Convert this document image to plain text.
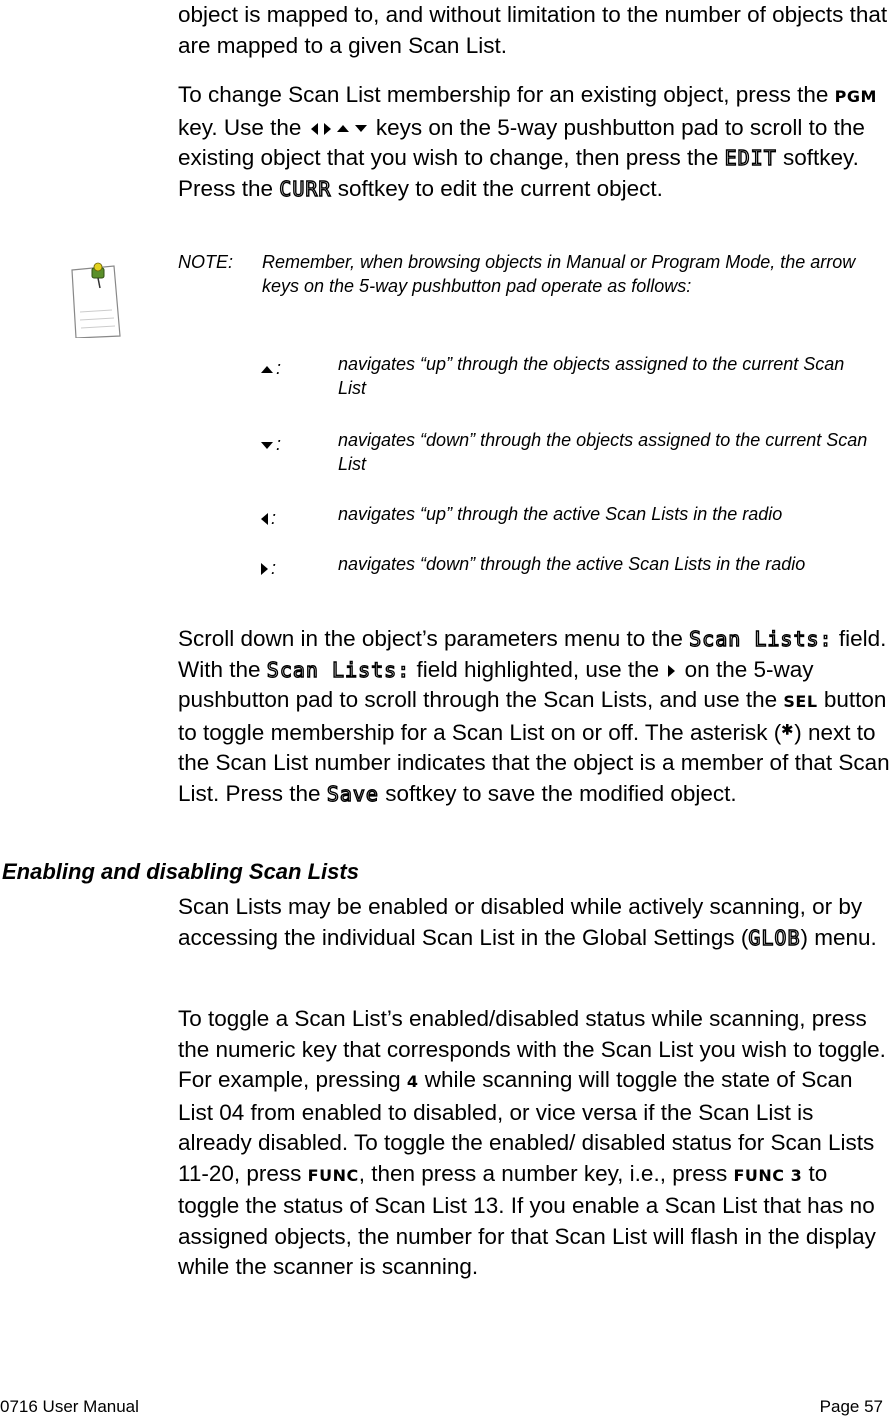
object is mapped to, and without limitation to the number of objects that are mapped to a given Scan List.

To change Scan List membership for an existing object, press the PGM key. Use the	keys on the 5-way pushbutton pad to scroll to the existing object that you wish to change, then press the EDIT softkey. Press the CURR softkey to edit the current object.

NOTE: Remember, when browsing objects in Manual or Program Mode, the arrow keys on the 5-way pushbutton pad operate as follows:

:	navigates “up” through the objects assigned to the current Scan List

:	navigates “down” through the objects assigned to the current Scan List

:	navigates “up” through the active Scan Lists in the radio

:	navigates “down” through the active Scan Lists in the radio

Scroll down in the object’s parameters menu to the Scan Lists: field. With the Scan Lists: field highlighted, use the  on the 5-way pushbutton pad to scroll through the Scan Lists, and use the SEL button to toggle membership for a Scan List on or off. The asterisk (*) next to the Scan List number indicates that the object is a member of that Scan List. Press the Save softkey to save the modified object.

Enabling and disabling Scan Lists

Scan Lists may be enabled or disabled while actively scanning, or by accessing the individual Scan List in the Global Settings (GLOB) menu.

To toggle a Scan List’s enabled/disabled status while scanning, press the numeric key that corresponds with the Scan List you wish to toggle. For example, pressing 4 while scanning will toggle the state of Scan List 04 from enabled to disabled, or vice versa if the Scan List is already disabled. To toggle the enabled/ disabled status for Scan Lists 11-20, press FUNC, then press a number key, i.e., press FUNC 3 to toggle the status of Scan List 13. If you enable a Scan List that has no assigned objects, the number for that Scan List will flash in the display while the scanner is scanning.

0716 User Manual	Page 57
